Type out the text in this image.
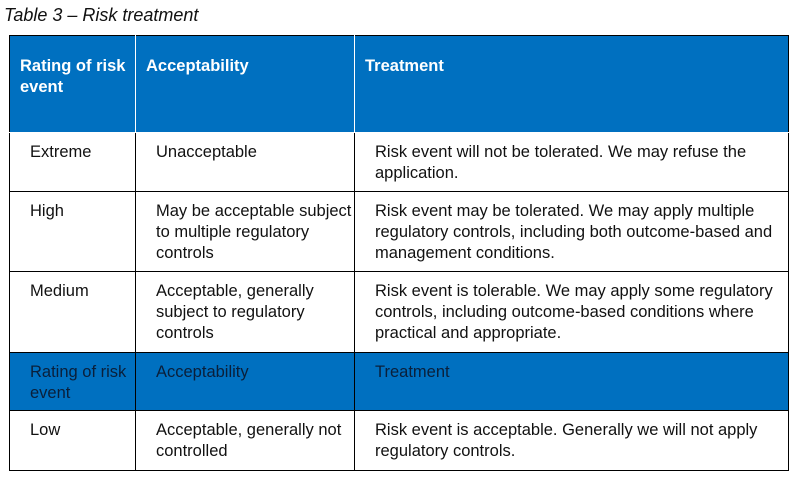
Table 3 – Risk treatment
Rating of risk event	Acceptability	Treatment
Extreme	Unacceptable	Risk event will not be tolerated. We may refuse the application.
High	May be acceptable subject to multiple regulatory controls	Risk event may be tolerated. We may apply multiple regulatory controls, including both outcome-based and management conditions.
Medium	Acceptable, generally subject to regulatory controls	Risk event is tolerable. We may apply some regulatory controls, including outcome-based conditions where practical and appropriate.
Rating of risk event	Acceptability	Treatment
Low	Acceptable, generally not controlled	Risk event is acceptable. Generally we will not apply regulatory controls.
